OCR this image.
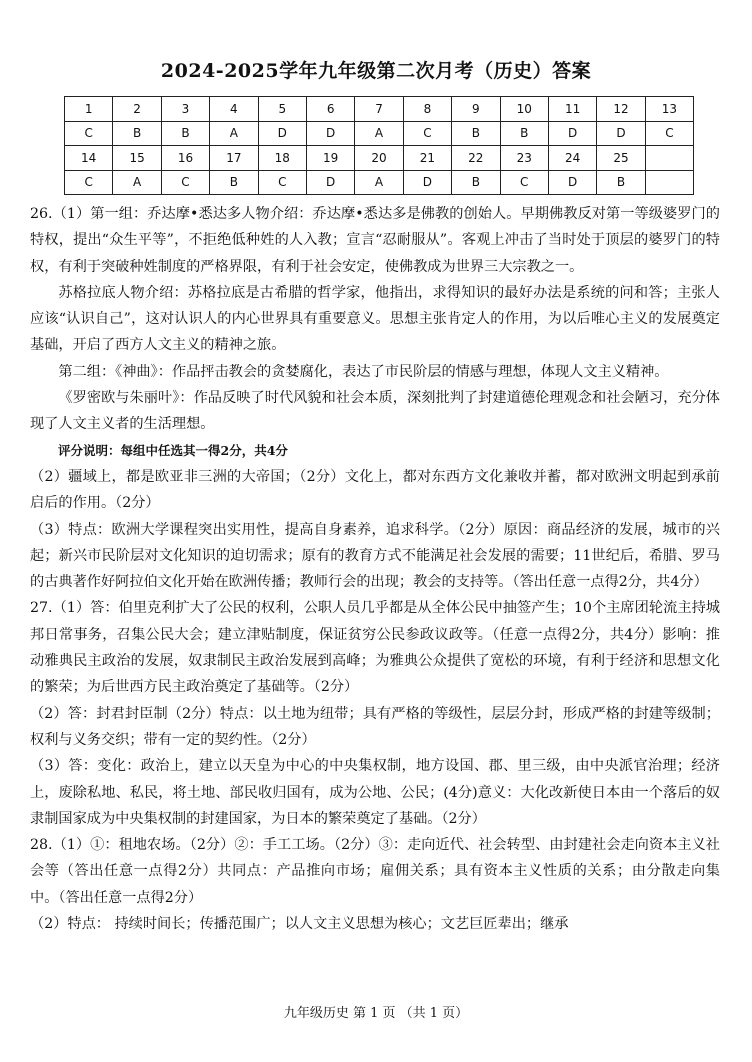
2024-2025学年九年级第二次月考（历史）答案
1	2	3	4	5	6	7	8	9	10	11	12	13
C	B	B	A	D	D	A	C	B	B	D	D	C
14	15	16	17	18	19	20	21	22	23	24	25	
C	A	C	B	C	D	A	D	B	C	D	B	

26.（1）第一组：乔达摩•悉达多人物介绍：乔达摩•悉达多是佛教的创始人。早期佛教反对第一等级婆罗门的特权，提出“众生平等”，不拒绝低种姓的人入教；宣言“忍耐服从”。客观上冲击了当时处于顶层的婆罗门的特权，有利于突破种姓制度的严格界限，有利于社会安定，使佛教成为世界三大宗教之一。

苏格拉底人物介绍：苏格拉底是古希腊的哲学家，他指出，求得知识的最好办法是系统的问和答；主张人应该“认识自己”，这对认识人的内心世界具有重要意义。思想主张肯定人的作用，为以后唯心主义的发展奠定基础，开启了西方人文主义的精神之旅。

第二组：《神曲》：作品抨击教会的贪婪腐化，表达了市民阶层的情感与理想，体现人文主义精神。

《罗密欧与朱丽叶》：作品反映了时代风貌和社会本质，深刻批判了封建道德伦理观念和社会陋习，充分体现了人文主义者的生活理想。

评分说明：每组中任选其一得2分，共4分

（2）疆域上，都是欧亚非三洲的大帝国；（2分）文化上，都对东西方文化兼收并蓄，都对欧洲文明起到承前启后的作用。（2分）

（3）特点：欧洲大学课程突出实用性，提高自身素养，追求科学。（2分）原因：商品经济的发展，城市的兴起；新兴市民阶层对文化知识的迫切需求；原有的教育方式不能满足社会发展的需要；11世纪后，希腊、罗马的古典著作好阿拉伯文化开始在欧洲传播；教师行会的出现；教会的支持等。（答出任意一点得2分，共4分）

27.（1）答：伯里克利扩大了公民的权利，公职人员几乎都是从全体公民中抽签产生；10个主席团轮流主持城邦日常事务，召集公民大会；建立津贴制度，保证贫穷公民参政议政等。（任意一点得2分，共4分）影响：推动雅典民主政治的发展，奴隶制民主政治发展到高峰；为雅典公众提供了宽松的环境，有利于经济和思想文化的繁荣；为后世西方民主政治奠定了基础等。（2分）

（2）答：封君封臣制（2分）特点：以土地为纽带；具有严格的等级性，层层分封，形成严格的封建等级制；权利与义务交织；带有一定的契约性。（2分）

（3）答：变化：政治上，建立以天皇为中心的中央集权制，地方设国、郡、里三级，由中央派官治理；经济上，废除私地、私民，将土地、部民收归国有，成为公地、公民；(4分)意义：大化改新使日本由一个落后的奴隶制国家成为中央集权制的封建国家，为日本的繁荣奠定了基础。（2分）

28.（1）①：租地农场。（2分）②：手工工场。（2分）③：走向近代、社会转型、由封建社会走向资本主义社会等（答出任意一点得2分）共同点：产品推向市场；雇佣关系；具有资本主义性质的关系；由分散走向集中。（答出任意一点得2分）

（2）特点： 持续时间长；传播范围广；以人文主义思想为核心；文艺巨匠辈出；继承

九年级历史 第 1 页 （共 1 页）
